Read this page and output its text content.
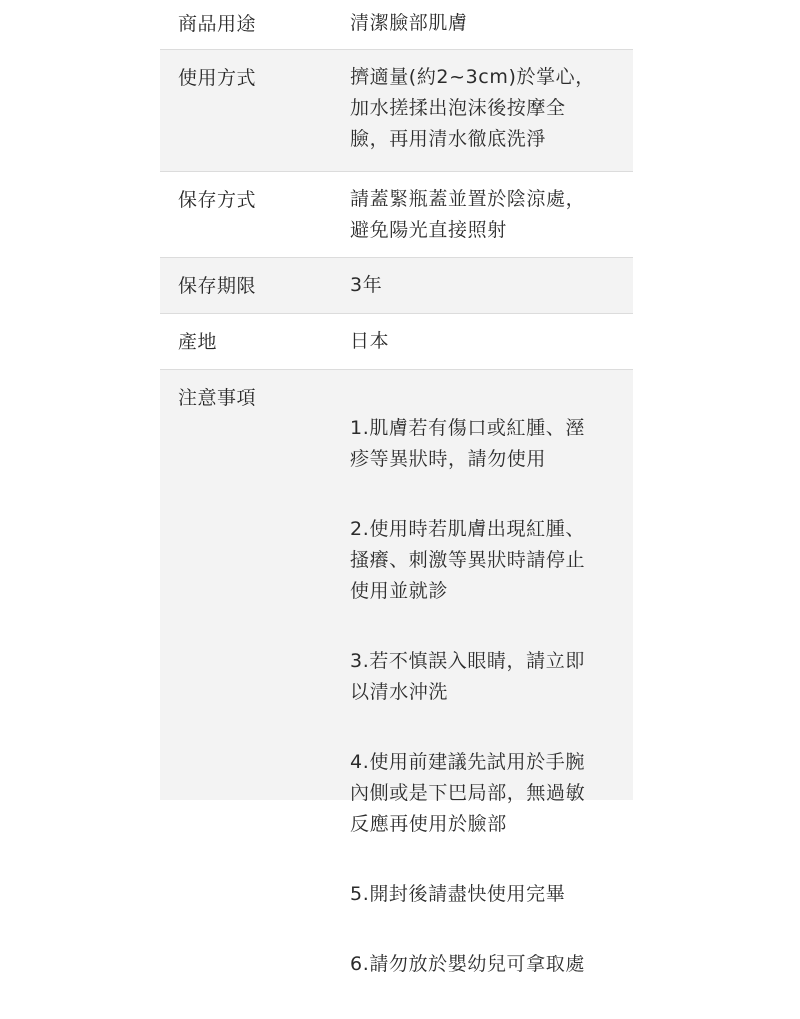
商品用途	清潔臉部肌膚
使用方式	擠適量(約2~3cm)於掌心，
加水搓揉出泡沫後按摩全
臉，再用清水徹底洗淨
保存方式	請蓋緊瓶蓋並置於陰涼處，
避免陽光直接照射
保存期限	3年
產地	日本
注意事項

1.肌膚若有傷口或紅腫、溼
疹等異狀時，請勿使用

2.使用時若肌膚出現紅腫、
搔癢、刺激等異狀時請停止
使用並就診

3.若不慎誤入眼睛，請立即
以清水沖洗

4.使用前建議先試用於手腕
內側或是下巴局部，無過敏
反應再使用於臉部

5.開封後請盡快使用完畢

6.請勿放於嬰幼兒可拿取處
